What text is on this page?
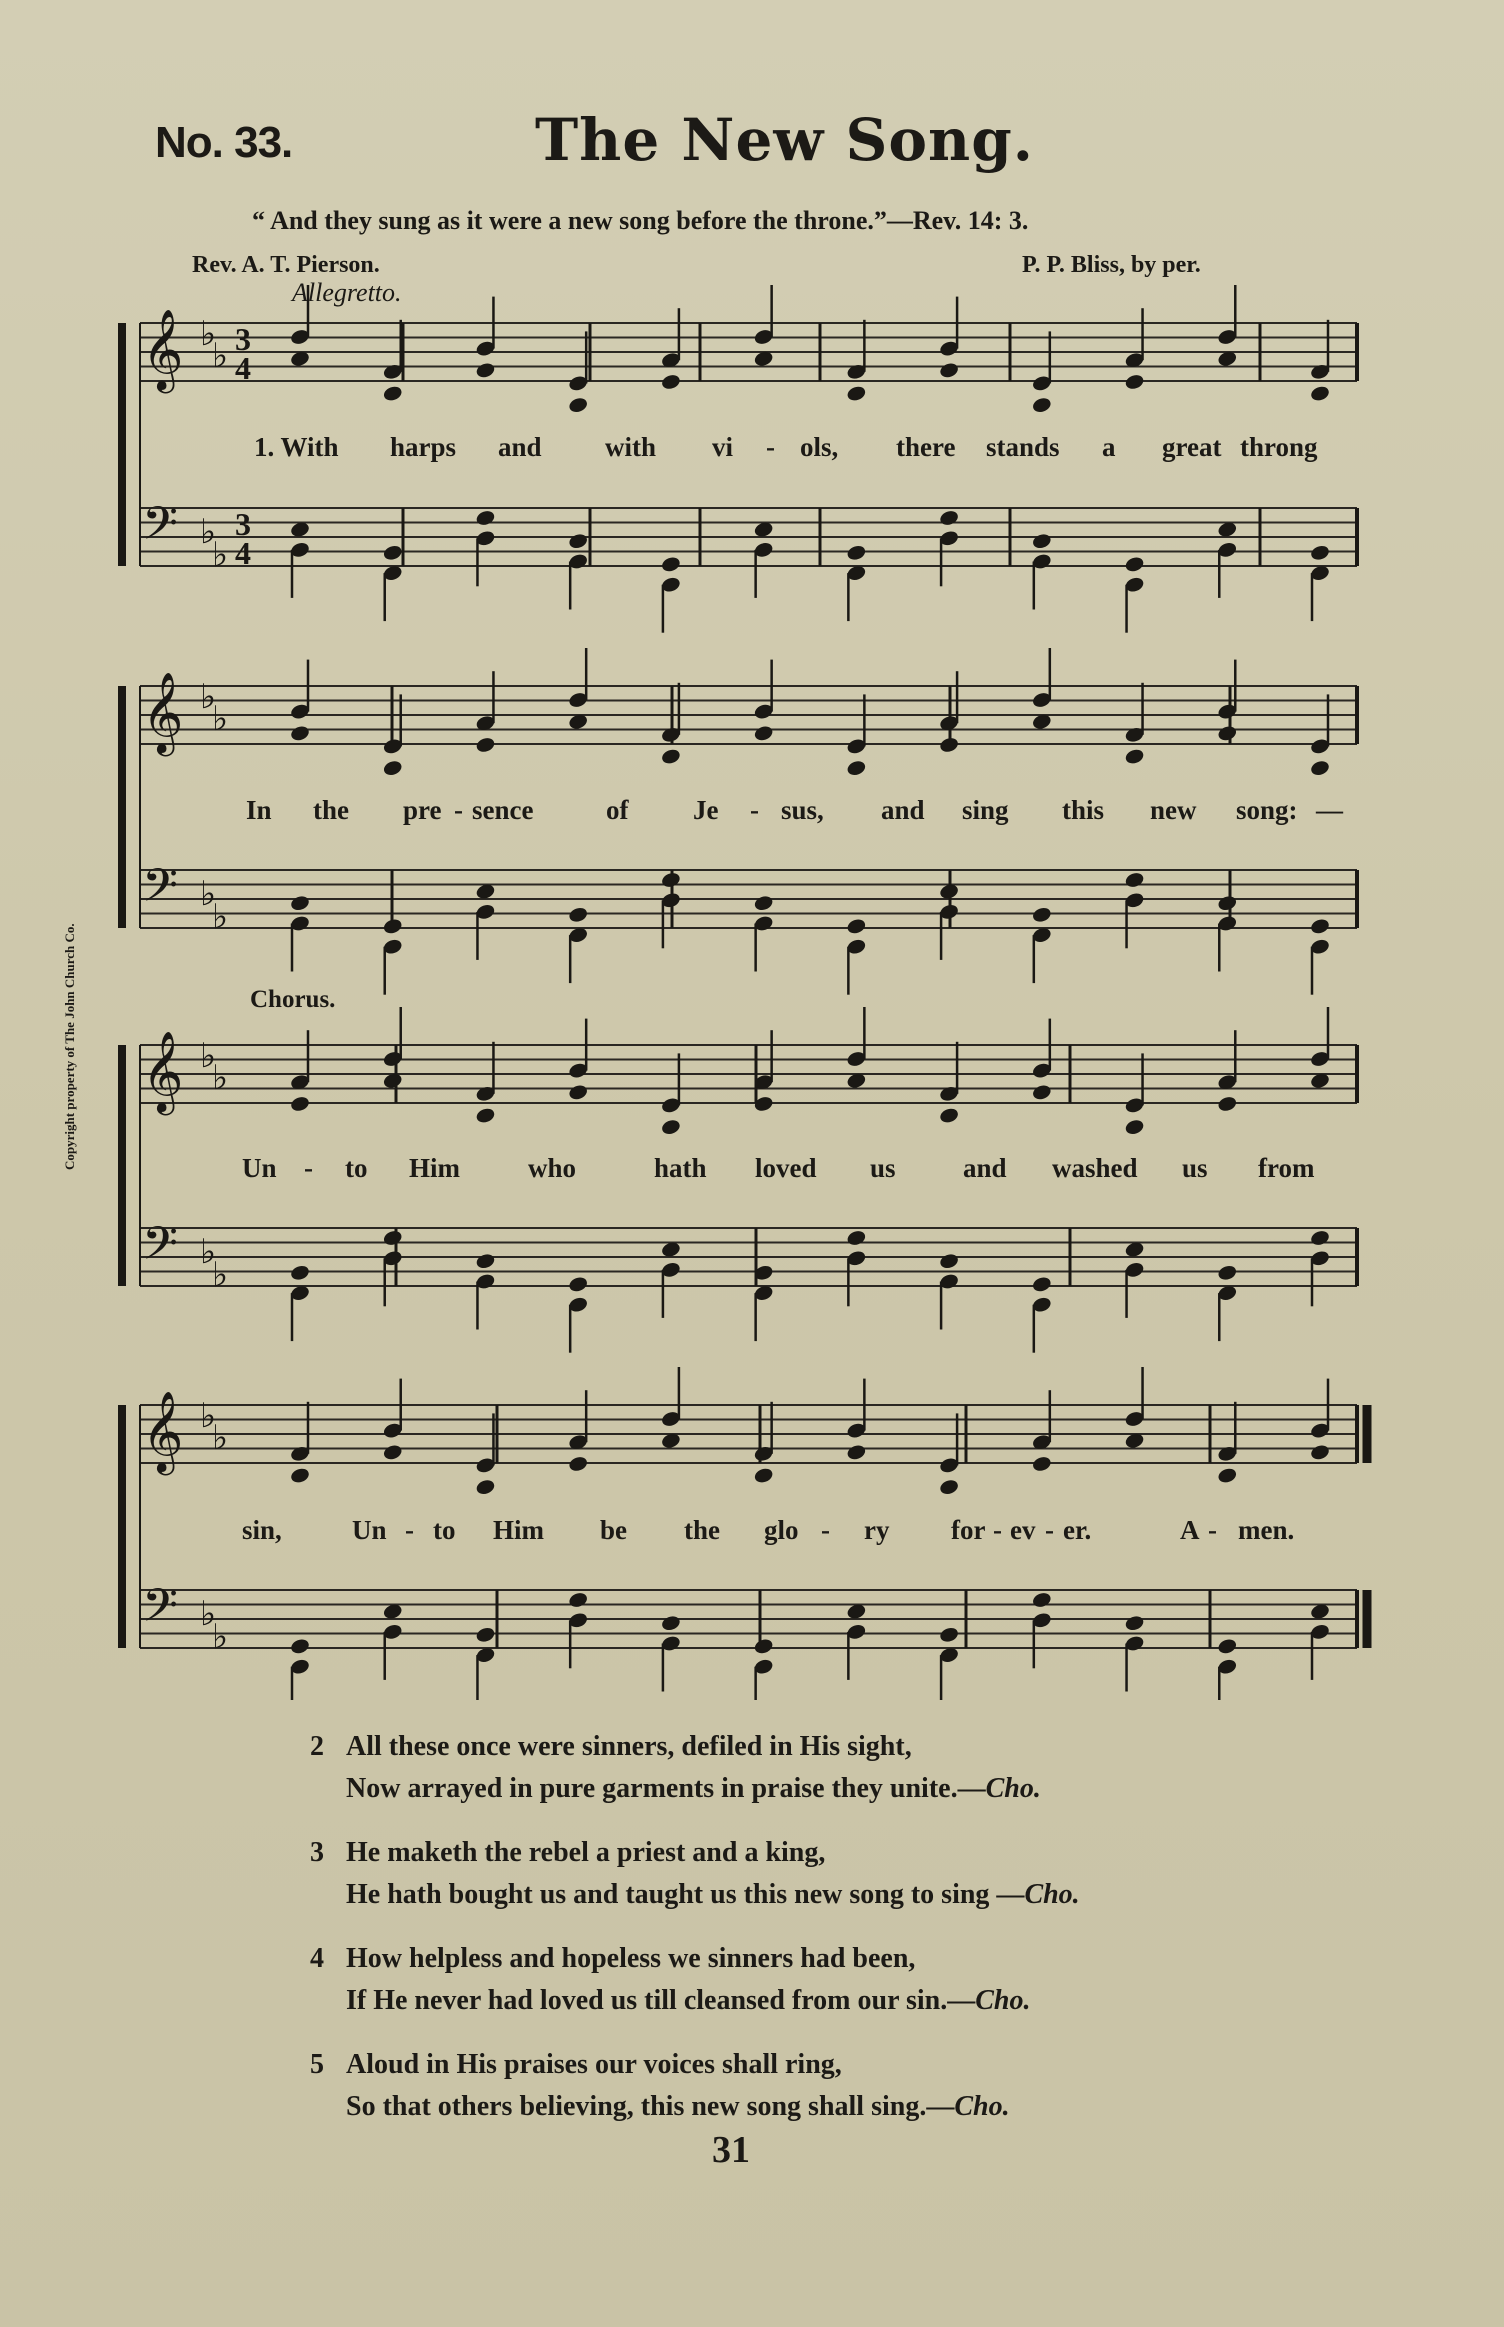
No. 33.	The New Song.
“ And they sung as it were a new song before the throne.”—Rev. 14: 3.
Rev. A. T. Pierson.	P. P. Bliss, by per.
Allegretto.
Chorus.
Copyright property of The John Church Co.
𝄞 ♭
♭ 3
4
𝄢 ♭
♭
3
4
𝄞 ♭
♭
𝄢 ♭
♭
𝄞 ♭
♭
𝄢 ♭
♭
𝄞 ♭
♭
𝄢 ♭
♭
1. With harps and with vi - ols, there stands a great throng
In the pre - sence	of Je - sus, and sing this new song: —
Un - to Him	who	hath loved us and washed us from
sin,	Un - to Him be the glo - ry for - ev - er.	A - men.
2 All these once were sinners, defiled in His sight,
Now arrayed in pure garments in praise they unite.—Cho.
3 He maketh the rebel a priest and a king,
He hath bought us and taught us this new song to sing —Cho.
4 How helpless and hopeless we sinners had been,
If He never had loved us till cleansed from our sin.—Cho.
5 Aloud in His praises our voices shall ring,
So that others believing, this new song shall sing.—Cho.
31
